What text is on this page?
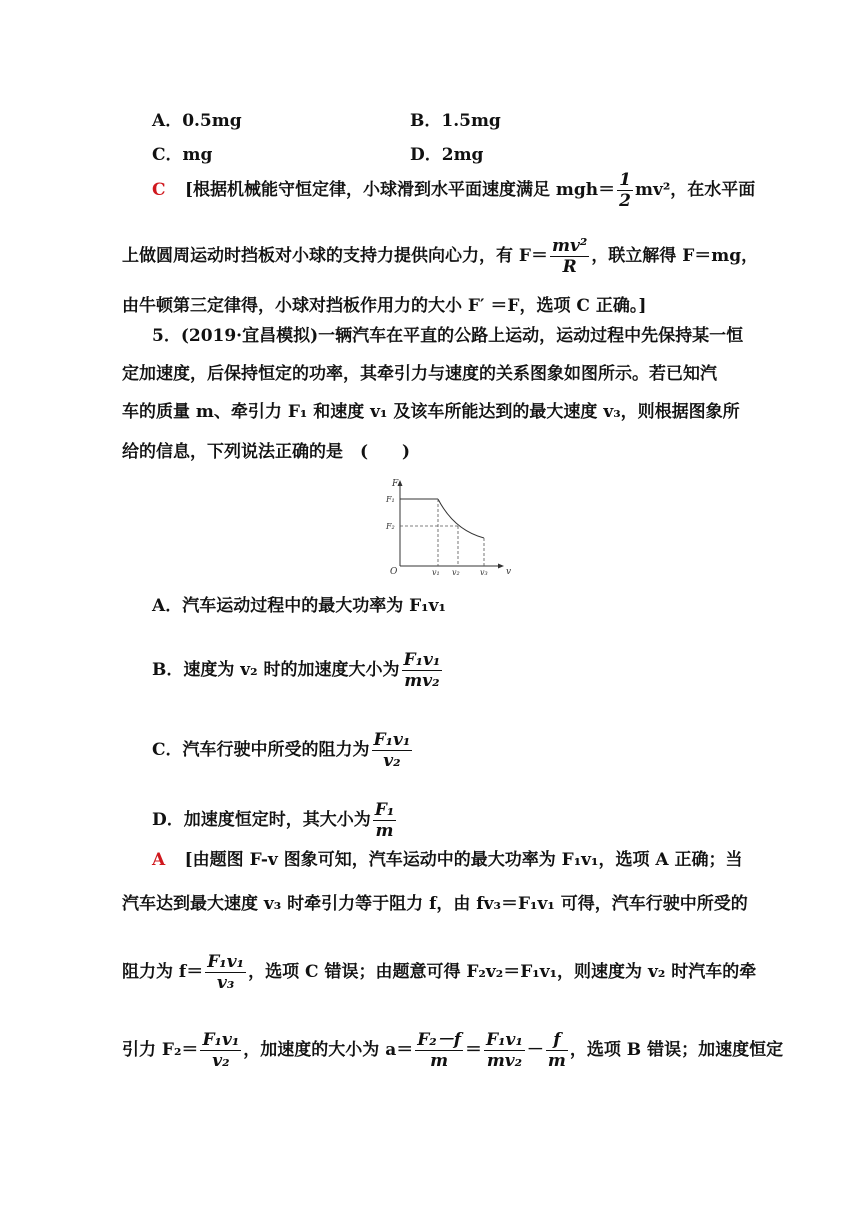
A．0.5mg	B．1.5mg
C．mg	D．2mg
C [根据机械能守恒定律，小球滑到水平面速度满足 $mgh= \frac{1}{2} mv^2$，在水平面
上做圆周运动时挡板对小球的支持力提供向心力，有 $F= \frac{\text{mv²}}{R}$ ，联立解得 F＝mg，
由牛顿第三定律得，小球对挡板作用力的大小 F′ ＝F，选项 C 正确。]
5．(2019·宜昌模拟)一辆汽车在平直的公路上运动，运动过程中先保持某一恒
定加速度，后保持恒定的功率，其牵引力与速度的关系图象如图所示。若已知汽
车的质量 m、牵引力 F₁ 和速度 v₁ 及该车所能达到的最大速度 v₃，则根据图象所
给的信息，下列说法正确的是　(　　)
F
v
O
F₁
F₂
v₁ v₂	v₃
A．汽车运动过程中的最大功率为 F₁v₁
B．速度为 v₂ 时的加速度大小为 $\frac{\text{F₁v₁}}{\text{mv₂}}$
C．汽车行驶中所受的阻力为 $\frac{\text{F₁v₁}}{\text{v₂}}$
D．加速度恒定时，其大小为 $\frac{\text{F₁}}{m}$
A [由题图 F-v 图象可知，汽车运动中的最大功率为 F₁v₁，选项 A 正确；当
汽车达到最大速度 v₃ 时牵引力等于阻力 f，由 fv₃＝F₁v₁ 可得，汽车行驶中所受的
阻力为 $f= \frac{\text{F₁v₁}}{\text{v₃}}$ ，选项 C 错误；由题意可得 F₂v₂＝F₁v₁，则速度为 v₂ 时汽车的牵
引力 $F_2= \frac{\text{F₁v₁}}{\text{v₂}}$ ，加速度的大小为 $a= \frac{\text{F₂－f}}{m} = \frac{\text{F₁v₁}}{\text{mv₂}} - \frac{f}{m}$ ，选项 B 错误；加速度恒定
